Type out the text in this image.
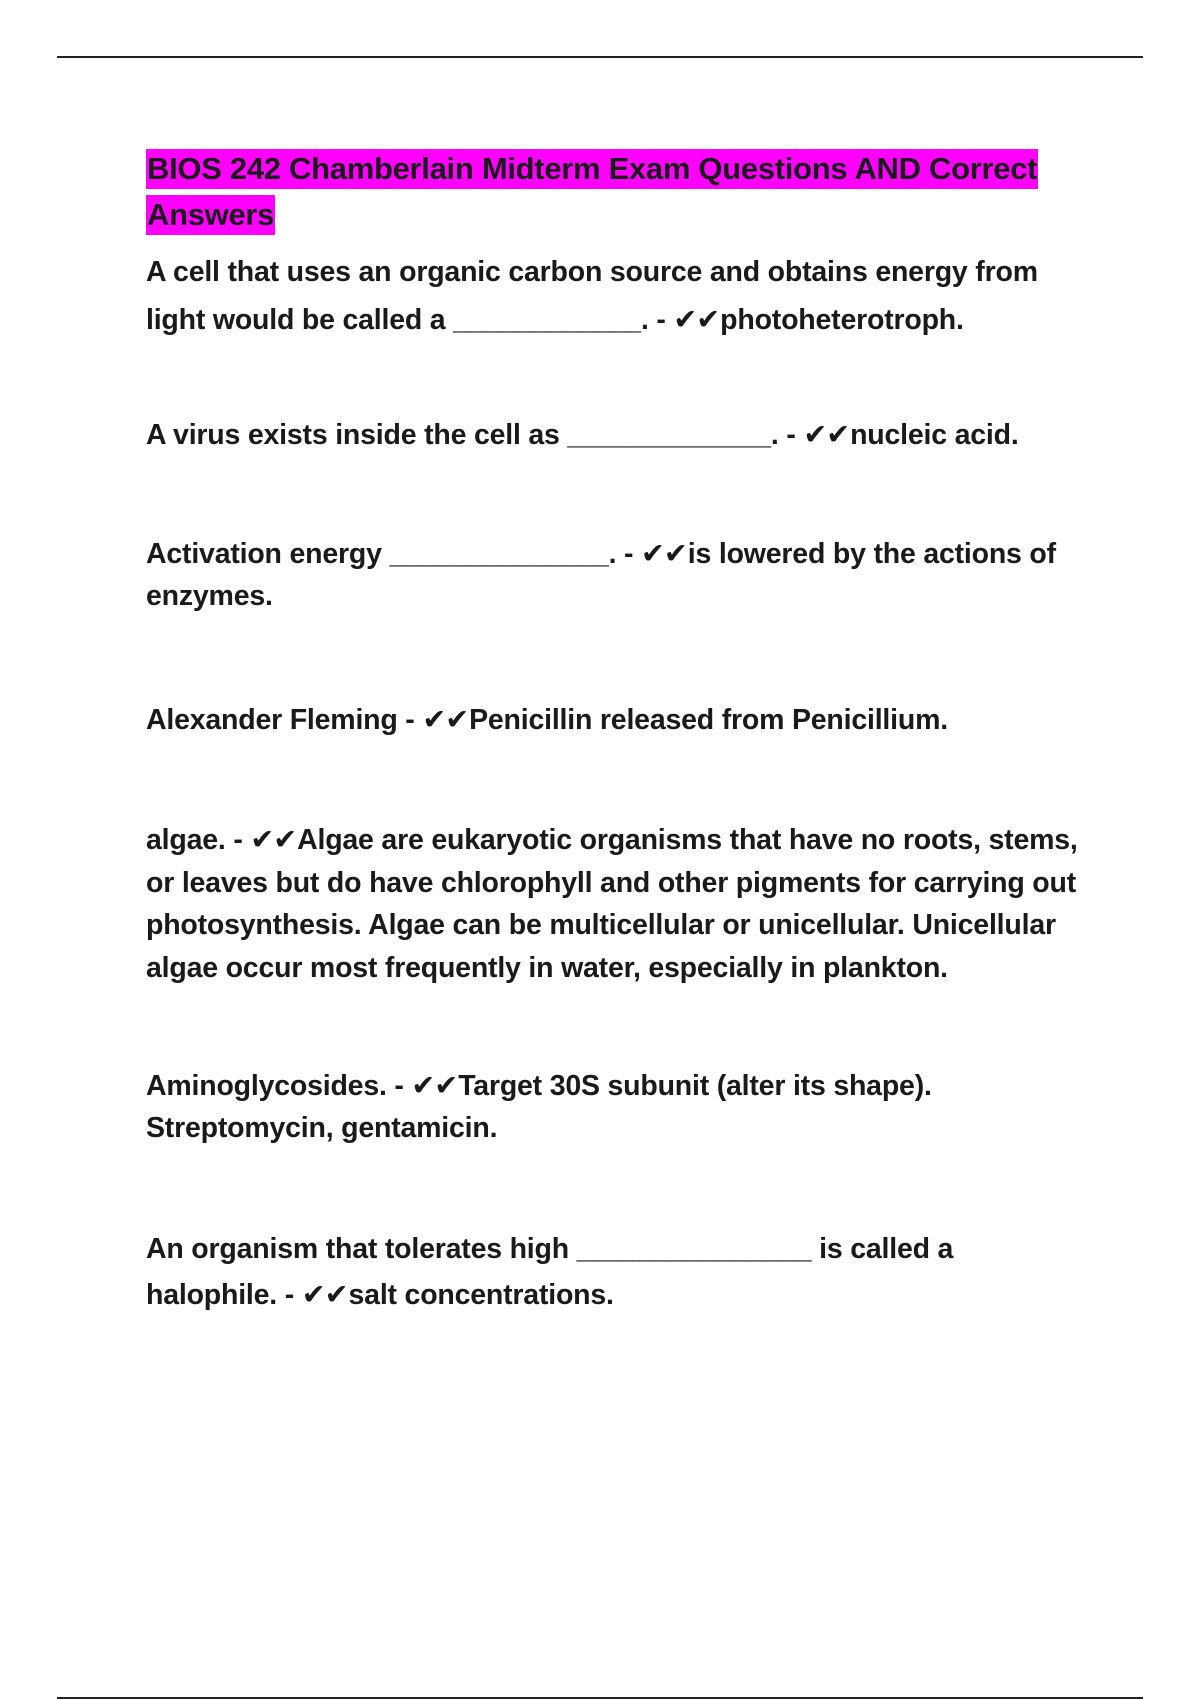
BIOS 242 Chamberlain Midterm Exam Questions AND Correct Answers

A cell that uses an organic carbon source and obtains energy from light would be called a ____________. - ✔✔photoheterotroph.

A virus exists inside the cell as _____________. - ✔✔nucleic acid.

Activation energy ______________. - ✔✔is lowered by the actions of enzymes.

Alexander Fleming - ✔✔Penicillin released from Penicillium.

algae. - ✔✔Algae are eukaryotic organisms that have no roots, stems, or leaves but do have chlorophyll and other pigments for carrying out photosynthesis. Algae can be multicellular or unicellular. Unicellular algae occur most frequently in water, especially in plankton.

Aminoglycosides. - ✔✔Target 30S subunit (alter its shape). Streptomycin, gentamicin.

An organism that tolerates high _______________ is called a halophile. - ✔✔salt concentrations.
